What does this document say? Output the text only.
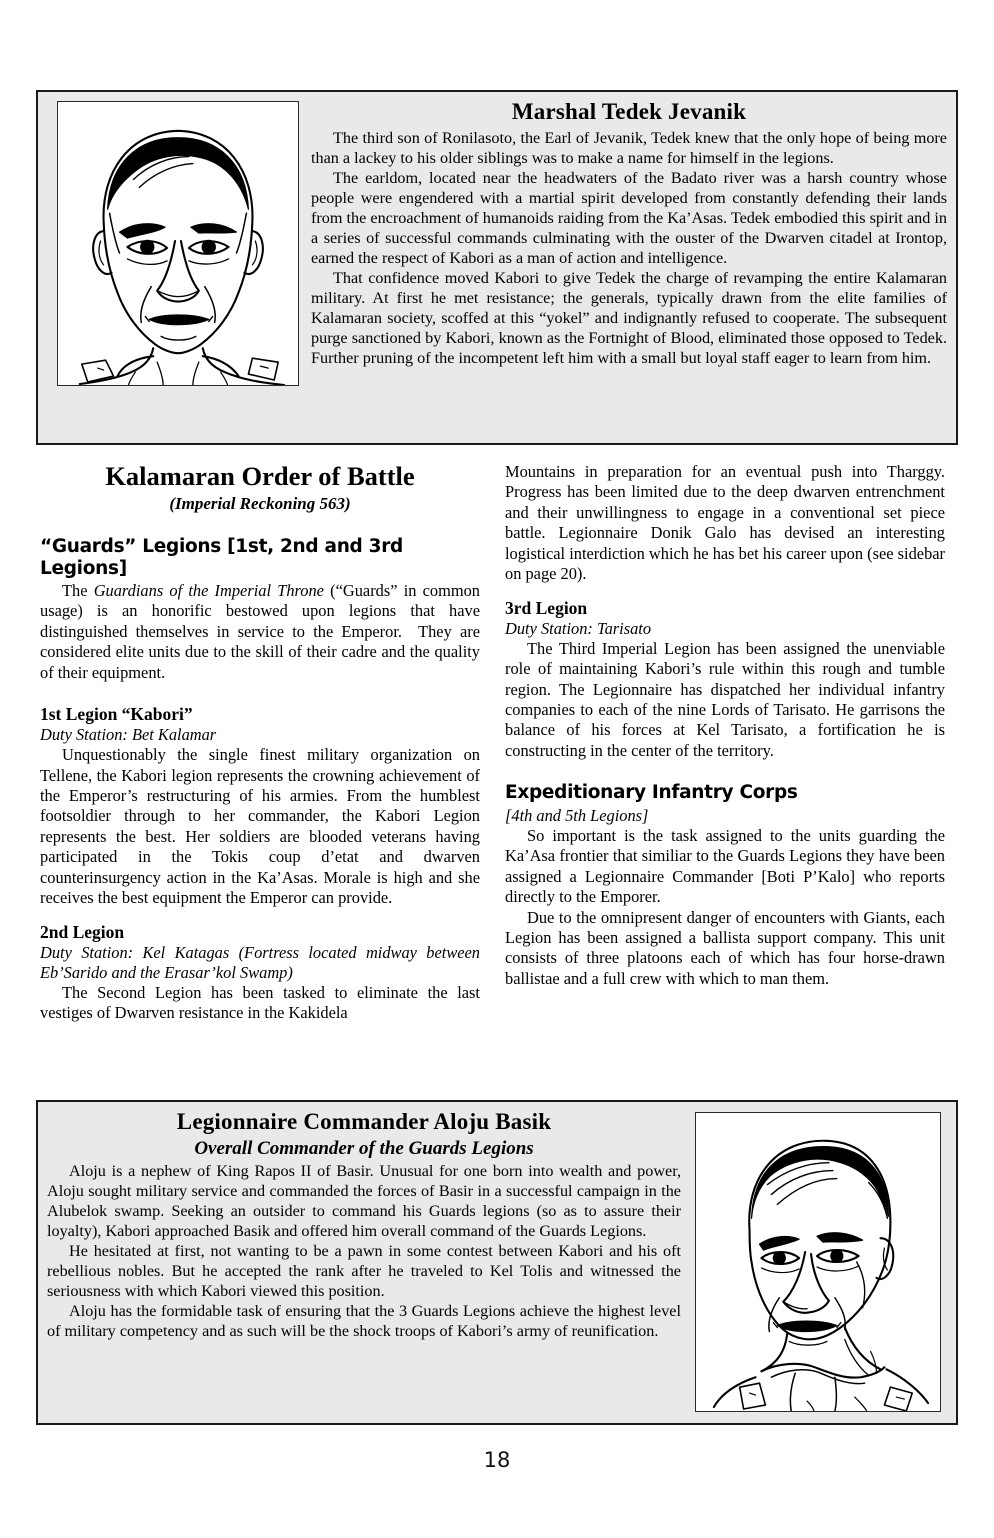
Marshal Tedek Jevanik

The third son of Ronilasoto, the Earl of Jevanik, Tedek knew that the only hope of being more than a lackey to his older siblings was to make a name for himself in the legions.

The earldom, located near the headwaters of the Badato river was a harsh country whose people were engendered with a martial spirit developed from constantly defending their lands from the encroachment of humanoids raiding from the Ka’Asas. Tedek embodied this spirit and in a series of successful commands culminating with the ouster of the Dwarven citadel at Irontop, earned the respect of Kabori as a man of action and intelligence.

That confidence moved Kabori to give Tedek the charge of revamping the entire Kalamaran military. At first he met resistance; the generals, typically drawn from the elite families of Kalamaran society, scoffed at this “yokel” and indignantly refused to cooperate. The subsequent purge sanctioned by Kabori, known as the Fortnight of Blood, eliminated those opposed to Tedek. Further pruning of the incompetent left him with a small but loyal staff eager to learn from him.

Kalamaran Order of Battle
(Imperial Reckoning 563)
“Guards” Legions [1st, 2nd and 3rd Legions]

The Guardians of the Imperial Throne (“Guards” in common usage) is an honorific bestowed upon legions that have distinguished themselves in service to the Emperor.  They are considered elite units due to the skill of their cadre and the quality of their equipment.

1st Legion “Kabori”
Duty Station: Bet Kalamar

Unquestionably the single finest military organization on Tellene, the Kabori legion represents the crowning achievement of the Emperor’s restructuring of his armies. From the humblest footsoldier through to her commander, the Kabori Legion represents the best. Her soldiers are blooded veterans having participated in the Tokis coup d’etat and dwarven counterinsurgency action in the Ka’Asas. Morale is high and she receives the best equipment the Emperor can provide.

2nd Legion
Duty Station: Kel Katagas (Fortress located midway between Eb’Sarido and the Erasar’kol Swamp)

The Second Legion has been tasked to eliminate the last vestiges of Dwarven resistance in the Kakidela

Mountains in preparation for an eventual push into Tharggy. Progress has been limited due to the deep dwarven entrenchment and their unwillingness to engage in a conventional set piece battle. Legionnaire Donik Galo has devised an interesting logistical interdiction which he has bet his career upon (see sidebar on page 20).

3rd Legion
Duty Station: Tarisato

The Third Imperial Legion has been assigned the unenviable role of maintaining Kabori’s rule within this rough and tumble region. The Legionnaire has dispatched her individual infantry companies to each of the nine Lords of Tarisato. He garrisons the balance of his forces at Kel Tarisato, a fortification he is constructing in the center of the territory.

Expeditionary Infantry Corps
[4th and 5th Legions]

So important is the task assigned to the units guarding the Ka’Asa frontier that similiar to the Guards Legions they have been assigned a Legionnaire Commander [Boti P’Kalo] who reports directly to the Emporer.

Due to the omnipresent danger of encounters with Giants, each Legion has been assigned a ballista support company. This unit consists of three platoons each of which has four horse-drawn ballistae and a full crew with which to man them.

Legionnaire Commander Aloju Basik
Overall Commander of the Guards Legions

Aloju is a nephew of King Rapos II of Basir. Unusual for one born into wealth and power, Aloju sought military service and commanded the forces of Basir in a successful campaign in the Alubelok swamp. Seeking an outsider to command his Guards legions (so as to assure their loyalty), Kabori approached Basik and offered him overall command of the Guards Legions.

He hesitated at first, not wanting to be a pawn in some contest between Kabori and his oft rebellious nobles. But he accepted the rank after he traveled to Kel Tolis and witnessed the seriousness with which Kabori viewed this position.

Aloju has the formidable task of ensuring that the 3 Guards Legions achieve the highest level of military competency and as such will be the shock troops of Kabori’s army of reunification.

18
